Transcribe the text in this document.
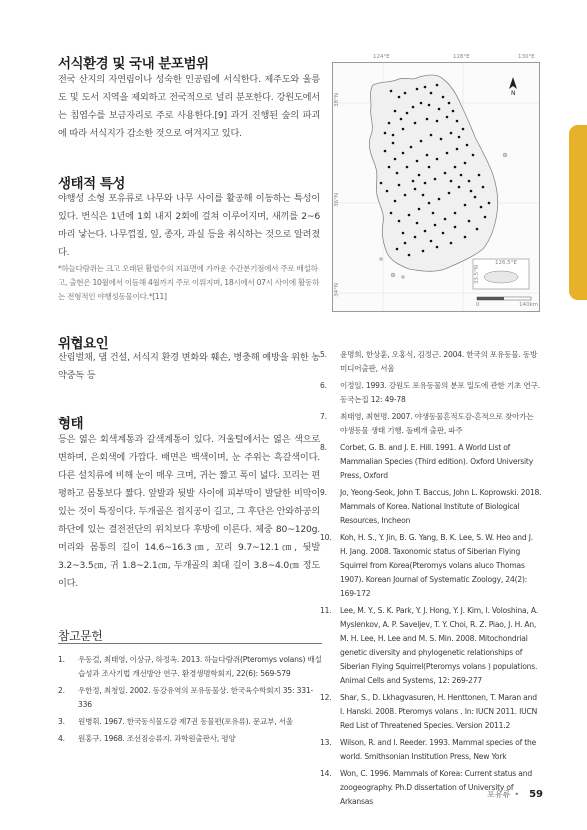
서식환경 및 국내 분포범위

전국 산지의 자연림이나 성숙한 인공림에 서식한다. 제주도와 울릉도 및 도서 지역을 제외하고 전국적으로 널리 분포한다. 강원도에서는 침엽수를 보금자리로 주로 사용한다.[9] 과거 진행된 숲의 파괴에 따라 서식지가 감소한 것으로 여겨지고 있다.

생태적 특성

야행성 소형 포유류로 나무와 나무 사이를 활공해 이동하는 특성이 있다. 번식은 1년에 1회 내지 2회에 걸쳐 이루어지며, 새끼를 2~6마리 낳는다. 나무껍질, 잎, 종자, 과실 등을 취식하는 것으로 알려졌다.

*하늘다람쥐는 크고 오래된 활엽수의 지표면에 가까운 수간분기점에서 주로 배설하고, 출현은 10월에서 이듬해 4월까지 주로 이뤄지며, 18시에서 07시 사이에 활동하는 전형적인 야행성동물이다.*[11]

위협요인

산림벌채, 댐 건설, 서식지 환경 변화와 훼손, 병충해 예방을 위한 농약중독 등

형태

등은 엷은 회색계통과 갈색계통이 있다. 겨울털에서는 엷은 색으로 변하며, 은회색에 가깝다. 배면은 백색이며, 눈 주위는 흑갈색이다. 다른 설치류에 비해 눈이 매우 크며, 귀는 짧고 폭이 넓다. 꼬리는 편평하고 몸통보다 짧다. 앞발과 뒷발 사이에 피부막이 발달한 비막이 있는 것이 특징이다. 두개골은 접지공이 길고, 그 후단은 안와하공의 하단에 있는 결전전단의 위치보다 후방에 이른다. 체중 80~120g. 머리와 몸통의 길이 14.6~16.3㎝, 꼬리 9.7~12.1㎝, 뒷발 3.2~3.5㎝, 귀 1.8~2.1㎝, 두개골의 최대 길이 3.8~4.0㎝ 정도이다.

참고문헌
1. 우동걸, 최태영, 이상규, 하정옥. 2013. 하늘다람쥐(Pteromys volans) 배설습성과 조사기법 개선방안 연구. 환경생명학회지, 22(6): 569-579
2. 우한정, 최청일. 2002. 동강유역의 포유동물상. 한국육수학회지 35: 331-336
3. 원병휘. 1967. 한국동식물도감 제7권 동물편(포유류). 문교부, 서울
4. 원홍구. 1968. 조선짐승류지. 과학원출판사, 평양
5. 윤명희, 한상훈, 오홍식, 김정근. 2004. 한국의 포유동물. 동방미디어출판, 서울
6. 이정일. 1993. 강원도 포유동물의 분포 밀도에 관한 기초 연구. 동국논집 12: 49-78
7. 최태영, 최현명. 2007. 야생동물흔적도감-흔적으로 찾아가는 야생동물 생태 기행. 돌베개 출판, 파주
8. Corbet, G. B. and J. E. Hill. 1991. A World List of Mammalian Species (Third edition). Oxford University Press, Oxford
9. Jo, Yeong-Seok, John T. Baccus, John L. Koprowski. 2018. Mammals of Korea. National Institute of Biological Resources, Incheon
10. Koh, H. S., Y. Jin, B. G. Yang, B. K. Lee, S. W. Heo and J. H. Jang. 2008. Taxonomic status of Siberian Flying Squirrel from Korea(Pteromys volans aluco Thomas 1907). Korean Journal of Systematic Zoology, 24(2): 169-172
11. Lee, M. Y., S. K. Park, Y. J. Hong, Y. J. Kim, I. Voloshina, A. Myslenkov, A. P. Saveljev, T. Y. Choi, R. Z. Piao, J. H. An, M. H. Lee, H. Lee and M. S. Min. 2008. Mitochondrial genetic diversity and phylogenetic relationships of Siberian Flying Squirrel(Pteromys volans ) populations. Animal Cells and Systems, 12: 269-277
12. Shar, S., D. Lkhagvasuren, H. Henttonen, T. Maran and I. Hanski. 2008. Pteromys volans . In: IUCN 2011. IUCN Red List of Threatened Species. Version 2011.2
13. Wilson, R. and I. Reeder. 1993. Mammal species of the world. Smithsonian Institution Press, New York
14. Won, C. 1996. Mammals of Korea: Current status and zoogeography. Ph.D dissertation of University of Arkansas
124°E	128°E	130°E
38°N
36°N
34°N
N
126.5°E
33.5°N
0	140km
포유류 • 59
